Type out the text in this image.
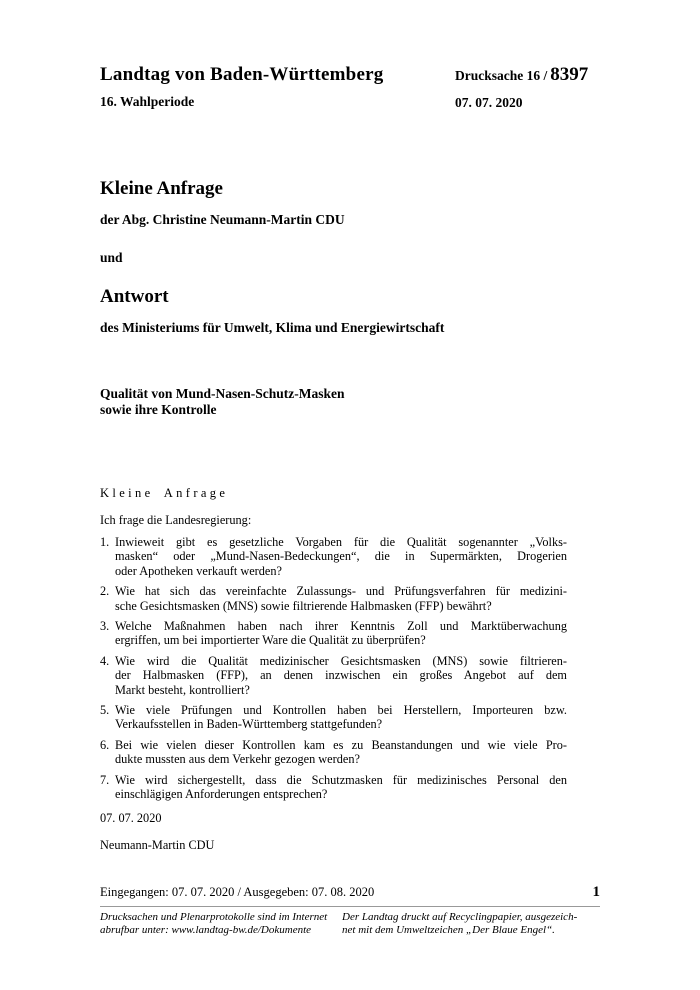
Landtag von Baden-Württemberg
16. Wahlperiode
Drucksache 16 / 8397
07. 07. 2020
Kleine Anfrage
der Abg. Christine Neumann-Martin CDU
und
Antwort
des Ministeriums für Umwelt, Klima und Energiewirtschaft
Qualität von Mund-Nasen-Schutz-Masken
sowie ihre Kontrolle
Kleine Anfrage
Ich frage die Landesregierung:
1. Inwieweit gibt es gesetzliche Vorgaben für die Qualität sogenannter „Volks-
masken“ oder „Mund-Nasen-Bedeckungen“, die in Supermärkten, Drogerien
oder Apotheken verkauft werden?
2. Wie hat sich das vereinfachte Zulassungs- und Prüfungsverfahren für medizini-
sche Gesichtsmasken (MNS) sowie filtrierende Halbmasken (FFP) bewährt?
3. Welche Maßnahmen haben nach ihrer Kenntnis Zoll und Marktüberwachung
ergriffen, um bei importierter Ware die Qualität zu überprüfen?
4. Wie wird die Qualität medizinischer Gesichtsmasken (MNS) sowie filtrieren-
der Halbmasken (FFP), an denen inzwischen ein großes Angebot auf dem
Markt besteht, kontrolliert?
5. Wie viele Prüfungen und Kontrollen haben bei Herstellern, Importeuren bzw.
Verkaufsstellen in Baden-Württemberg stattgefunden?
6. Bei wie vielen dieser Kontrollen kam es zu Beanstandungen und wie viele Pro-
dukte mussten aus dem Verkehr gezogen werden?
7. Wie wird sichergestellt, dass die Schutzmasken für medizinisches Personal den
einschlägigen Anforderungen entsprechen?
07. 07. 2020
Neumann-Martin CDU
Eingegangen: 07. 07. 2020 / Ausgegeben: 07. 08. 2020	1
Drucksachen und Plenarprotokolle sind im Internet
abrufbar unter: www.landtag-bw.de/Dokumente
Der Landtag druckt auf Recyclingpapier, ausgezeich-
net mit dem Umweltzeichen „Der Blaue Engel“.
